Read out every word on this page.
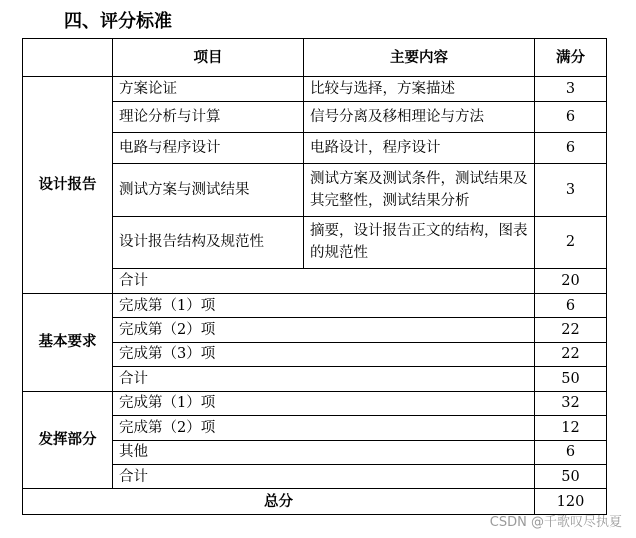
四、评分标准
	项目	主要内容	满分
设计报告	方案论证	比较与选择，方案描述	3
	理论分析与计算	信号分离及移相理论与方法	6
	电路与程序设计	电路设计，程序设计	6
	测试方案与测试结果	测试方案及测试条件，测试结果及其完整性，测试结果分析	3
	设计报告结构及规范性	摘要，设计报告正文的结构，图表的规范性	2
	合计		20
基本要求	完成第（1）项		6
	完成第（2）项		22
	完成第（3）项		22
	合计		50
发挥部分	完成第（1）项		32
	完成第（2）项		12
	其他		6
	合计		50
总分			120
CSDN @千歌叹尽执夏
